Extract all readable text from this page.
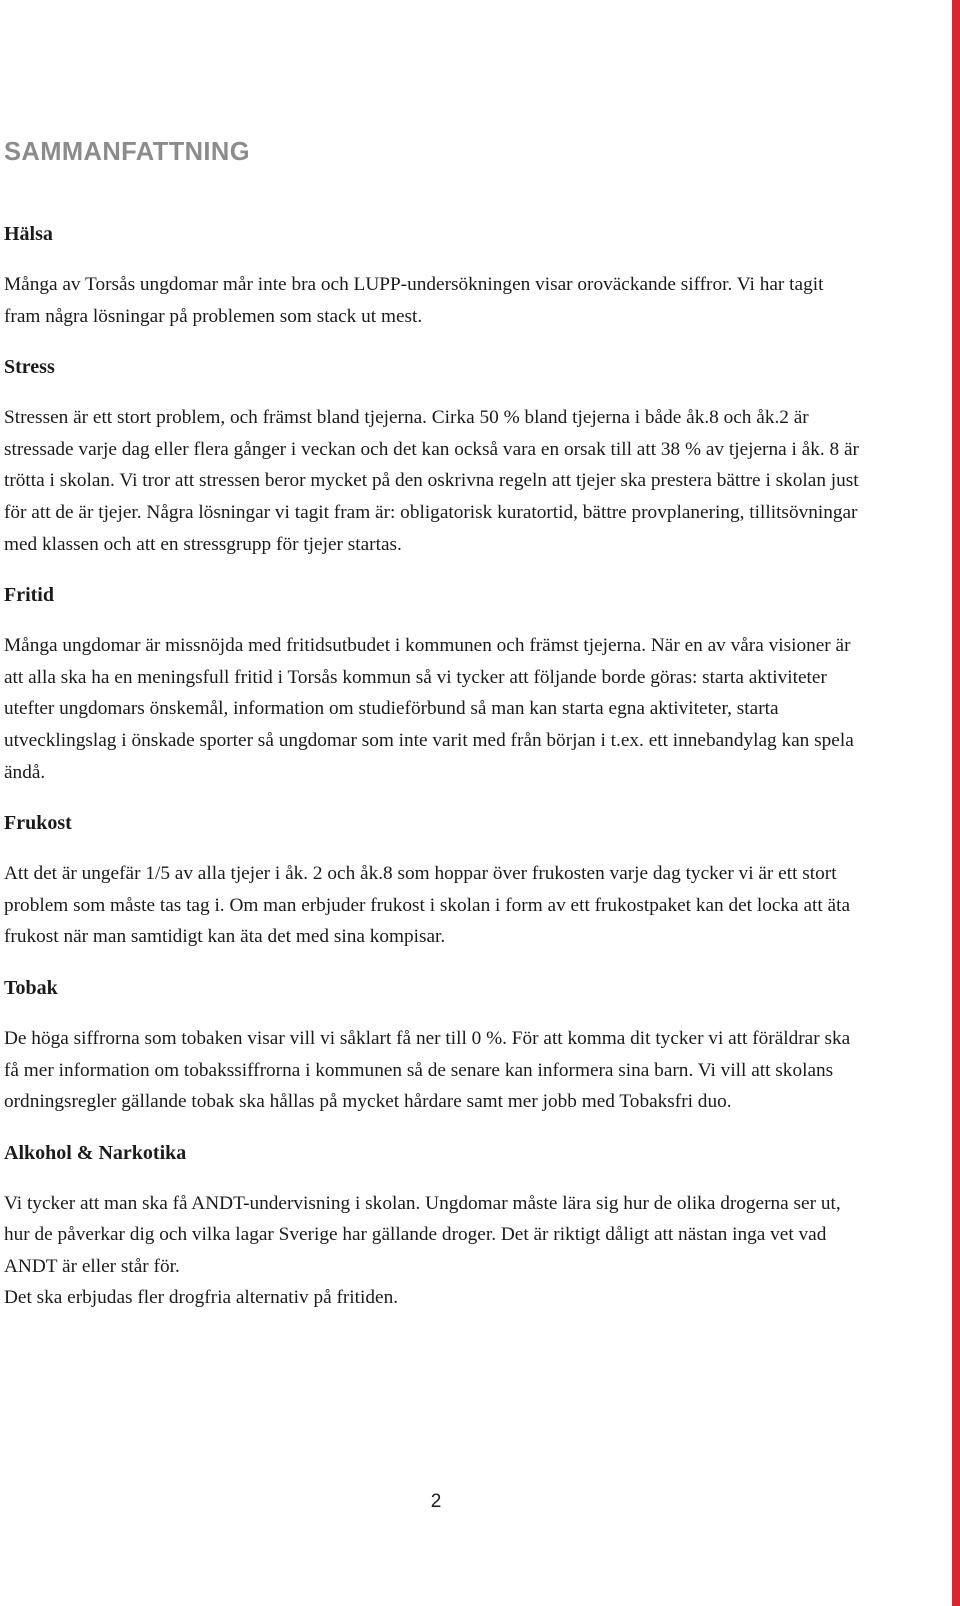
SAMMANFATTNING
Hälsa

Många av Torsås ungdomar mår inte bra och LUPP-undersökningen visar oroväckande siffror. Vi har tagit fram några lösningar på problemen som stack ut mest.

Stress

Stressen är ett stort problem, och främst bland tjejerna. Cirka 50 % bland tjejerna i både åk.8 och åk.2 är stressade varje dag eller flera gånger i veckan och det kan också vara en orsak till att 38 % av tjejerna i åk. 8 är trötta i skolan. Vi tror att stressen beror mycket på den oskrivna regeln att tjejer ska prestera bättre i skolan just för att de är tjejer. Några lösningar vi tagit fram är: obligatorisk kuratortid, bättre provplanering, tillitsövningar med klassen och att en stressgrupp för tjejer startas.

Fritid

Många ungdomar är missnöjda med fritidsutbudet i kommunen och främst tjejerna. När en av våra visioner är att alla ska ha en meningsfull fritid i Torsås kommun så vi tycker att följande borde göras: starta aktiviteter utefter ungdomars önskemål, information om studieförbund så man kan starta egna aktiviteter, starta utvecklingslag i önskade sporter så ungdomar som inte varit med från början i t.ex. ett innebandylag kan spela ändå.

Frukost

Att det är ungefär 1/5 av alla tjejer i åk. 2 och åk.8 som hoppar över frukosten varje dag tycker vi är ett stort problem som måste tas tag i. Om man erbjuder frukost i skolan i form av ett frukostpaket kan det locka att äta frukost när man samtidigt kan äta det med sina kompisar.

Tobak

De höga siffrorna som tobaken visar vill vi såklart få ner till 0 %. För att komma dit tycker vi att föräldrar ska få mer information om tobakssiffrorna i kommunen så de senare kan informera sina barn. Vi vill att skolans ordningsregler gällande tobak ska hållas på mycket hårdare samt mer jobb med Tobaksfri duo.

Alkohol & Narkotika

Vi tycker att man ska få ANDT-undervisning i skolan. Ungdomar måste lära sig hur de olika drogerna ser ut, hur de påverkar dig och vilka lagar Sverige har gällande droger. Det är riktigt dåligt att nästan inga vet vad ANDT är eller står för.

Det ska erbjudas fler drogfria alternativ på fritiden.

2
